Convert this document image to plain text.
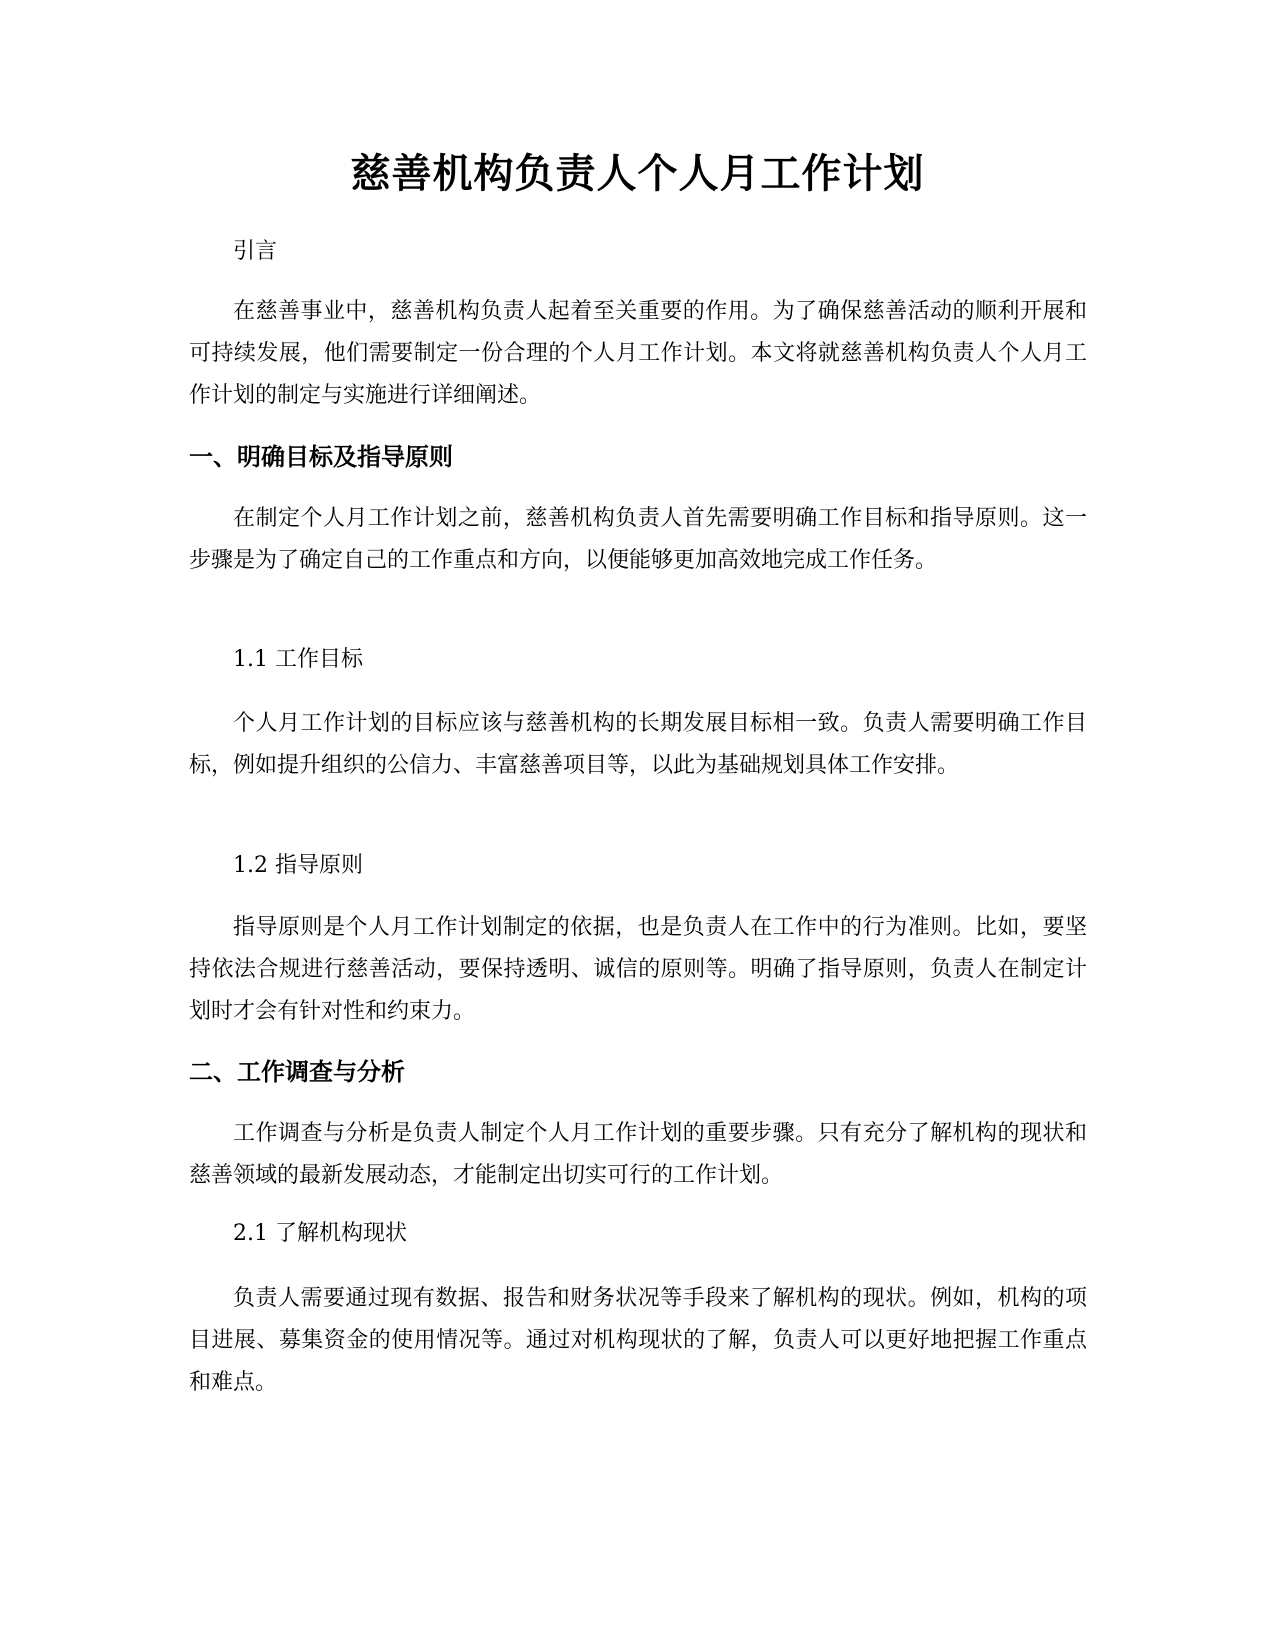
慈善机构负责人个人月工作计划

引言

在慈善事业中，慈善机构负责人起着至关重要的作用。为了确保慈善活动的顺利开展和可持续发展，他们需要制定一份合理的个人月工作计划。本文将就慈善机构负责人个人月工作计划的制定与实施进行详细阐述。

一、明确目标及指导原则

在制定个人月工作计划之前，慈善机构负责人首先需要明确工作目标和指导原则。这一步骤是为了确定自己的工作重点和方向，以便能够更加高效地完成工作任务。

1.1 工作目标

个人月工作计划的目标应该与慈善机构的长期发展目标相一致。负责人需要明确工作目标，例如提升组织的公信力、丰富慈善项目等，以此为基础规划具体工作安排。

1.2 指导原则

指导原则是个人月工作计划制定的依据，也是负责人在工作中的行为准则。比如，要坚持依法合规进行慈善活动，要保持透明、诚信的原则等。明确了指导原则，负责人在制定计划时才会有针对性和约束力。

二、工作调查与分析

工作调查与分析是负责人制定个人月工作计划的重要步骤。只有充分了解机构的现状和慈善领域的最新发展动态，才能制定出切实可行的工作计划。

2.1 了解机构现状

负责人需要通过现有数据、报告和财务状况等手段来了解机构的现状。例如，机构的项目进展、募集资金的使用情况等。通过对机构现状的了解，负责人可以更好地把握工作重点和难点。
